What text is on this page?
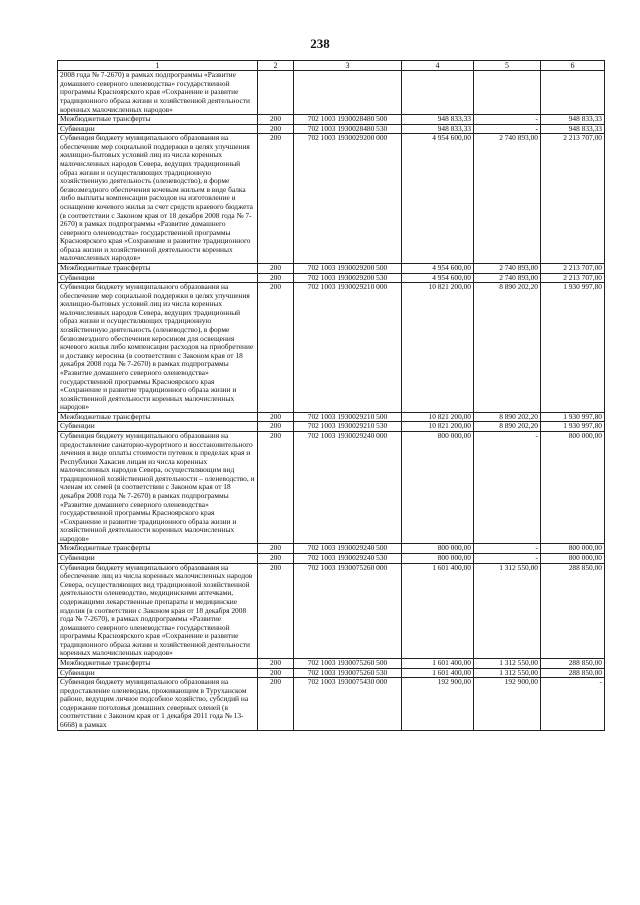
238
1	2	3	4	5	6
2008 года № 7-2670) в рамках подпрограммы «Развитие домашнего северного оленеводства» государственной программы Красноярского края «Сохранение и развитие традиционного образа жизни и хозяйственной деятельности коренных малочисленных народов»					
Межбюджетные трансферты	200	702 1003 1930028480 500	948 833,33	-	948 833,33
Субвенции	200	702 1003 1930028480 530	948 833,33	-	948 833,33
Субвенция бюджету муниципального образования на обеспечение мер социальной поддержки в целях улучшения жилищно-бытовых условий лиц из числа коренных малочисленных народов Севера, ведущих традиционный образ жизни и осуществляющих традиционную хозяйственную деятельность (оленеводство), в форме безвозмездного обеспечения кочевым жильем в виде балка либо выплаты компенсации расходов на изготовление и оснащение кочевого жилья за счет средств краевого бюджета (в соответствии с Законом края от 18 декабря 2008 года № 7-2670) в рамках подпрограммы «Развитие домашнего северного оленеводства» государственной программы Красноярского края «Сохранение и развитие традиционного образа жизни и хозяйственной деятельности коренных малочисленных народов»	200	702 1003 1930029200 000	4 954 600,00	2 740 893,00	2 213 707,00
Межбюджетные трансферты	200	702 1003 1930029200 500	4 954 600,00	2 740 893,00	2 213 707,00
Субвенции	200	702 1003 1930029200 530	4 954 600,00	2 740 893,00	2 213 707,00
Субвенция бюджету муниципального образования на обеспечение мер социальной поддержки в целях улучшения жилищно-бытовых условий лиц из числа коренных малочисленных народов Севера, ведущих традиционный образ жизни и осуществляющих традиционную хозяйственную деятельность (оленеводство), в форме безвозмездного обеспечения керосином для освещения кочевого жилья либо компенсации расходов на приобретение и доставку керосина (в соответствии с Законом края от 18 декабря 2008 года № 7-2670) в рамках подпрограммы «Развитие домашнего северного оленеводства» государственной программы Красноярского края «Сохранение и развитие традиционного образа жизни и хозяйственной деятельности коренных малочисленных народов»	200	702 1003 1930029210 000	10 821 200,00	8 890 202,20	1 930 997,80
Межбюджетные трансферты	200	702 1003 1930029210 500	10 821 200,00	8 890 202,20	1 930 997,80
Субвенции	200	702 1003 1930029210 530	10 821 200,00	8 890 202,20	1 930 997,80
Субвенция бюджету муниципального образования на предоставление санаторно-курортного и восстановительного лечения в виде оплаты стоимости путевок в пределах края и Республики Хакасия лицам из числа коренных малочисленных народов Севера, осуществляющим вид традиционной хозяйственной деятельности – оленеводство, и членам их семей (в соответствии с Законом края от 18 декабря 2008 года № 7-2670) в рамках подпрограммы «Развитие домашнего северного оленеводства» государственной программы Красноярского края «Сохранение и развитие традиционного образа жизни и хозяйственной деятельности коренных малочисленных народов»	200	702 1003 1930029240 000	800 000,00	-	800 000,00
Межбюджетные трансферты	200	702 1003 1930029240 500	800 000,00	-	800 000,00
Субвенции	200	702 1003 1930029240 530	800 000,00	-	800 000,00
Субвенция бюджету муниципального образования на обеспечение лиц из числа коренных малочисленных народов Севера, осуществляющих вид традиционной хозяйственной деятельности оленеводство, медицинскими аптечками, содержащими лекарственные препараты и медицинские изделия (в соответствии с Законом края от 18 декабря 2008 года № 7-2670), в рамках подпрограммы «Развитие домашнего северного оленеводства» государственной программы Красноярского края «Сохранение и развитие традиционного образа жизни и хозяйственной деятельности коренных малочисленных народов»	200	702 1003 1930075260 000	1 601 400,00	1 312 550,00	288 850,00
Межбюджетные трансферты	200	702 1003 1930075260 500	1 601 400,00	1 312 550,00	288 850,00
Субвенции	200	702 1003 1930075260 530	1 601 400,00	1 312 550,00	288 850,00
Субвенция бюджету муниципального образования на предоставление оленеводам, проживающим в Туруханском районе, ведущим личное подсобное хозяйство, субсидий на содержание поголовья домашних северных оленей (в соответствии с Законом края от 1 декабря 2011 года № 13-6668) в рамках	200	702 1003 1930075430 000	192 900,00	192 900,00	-
